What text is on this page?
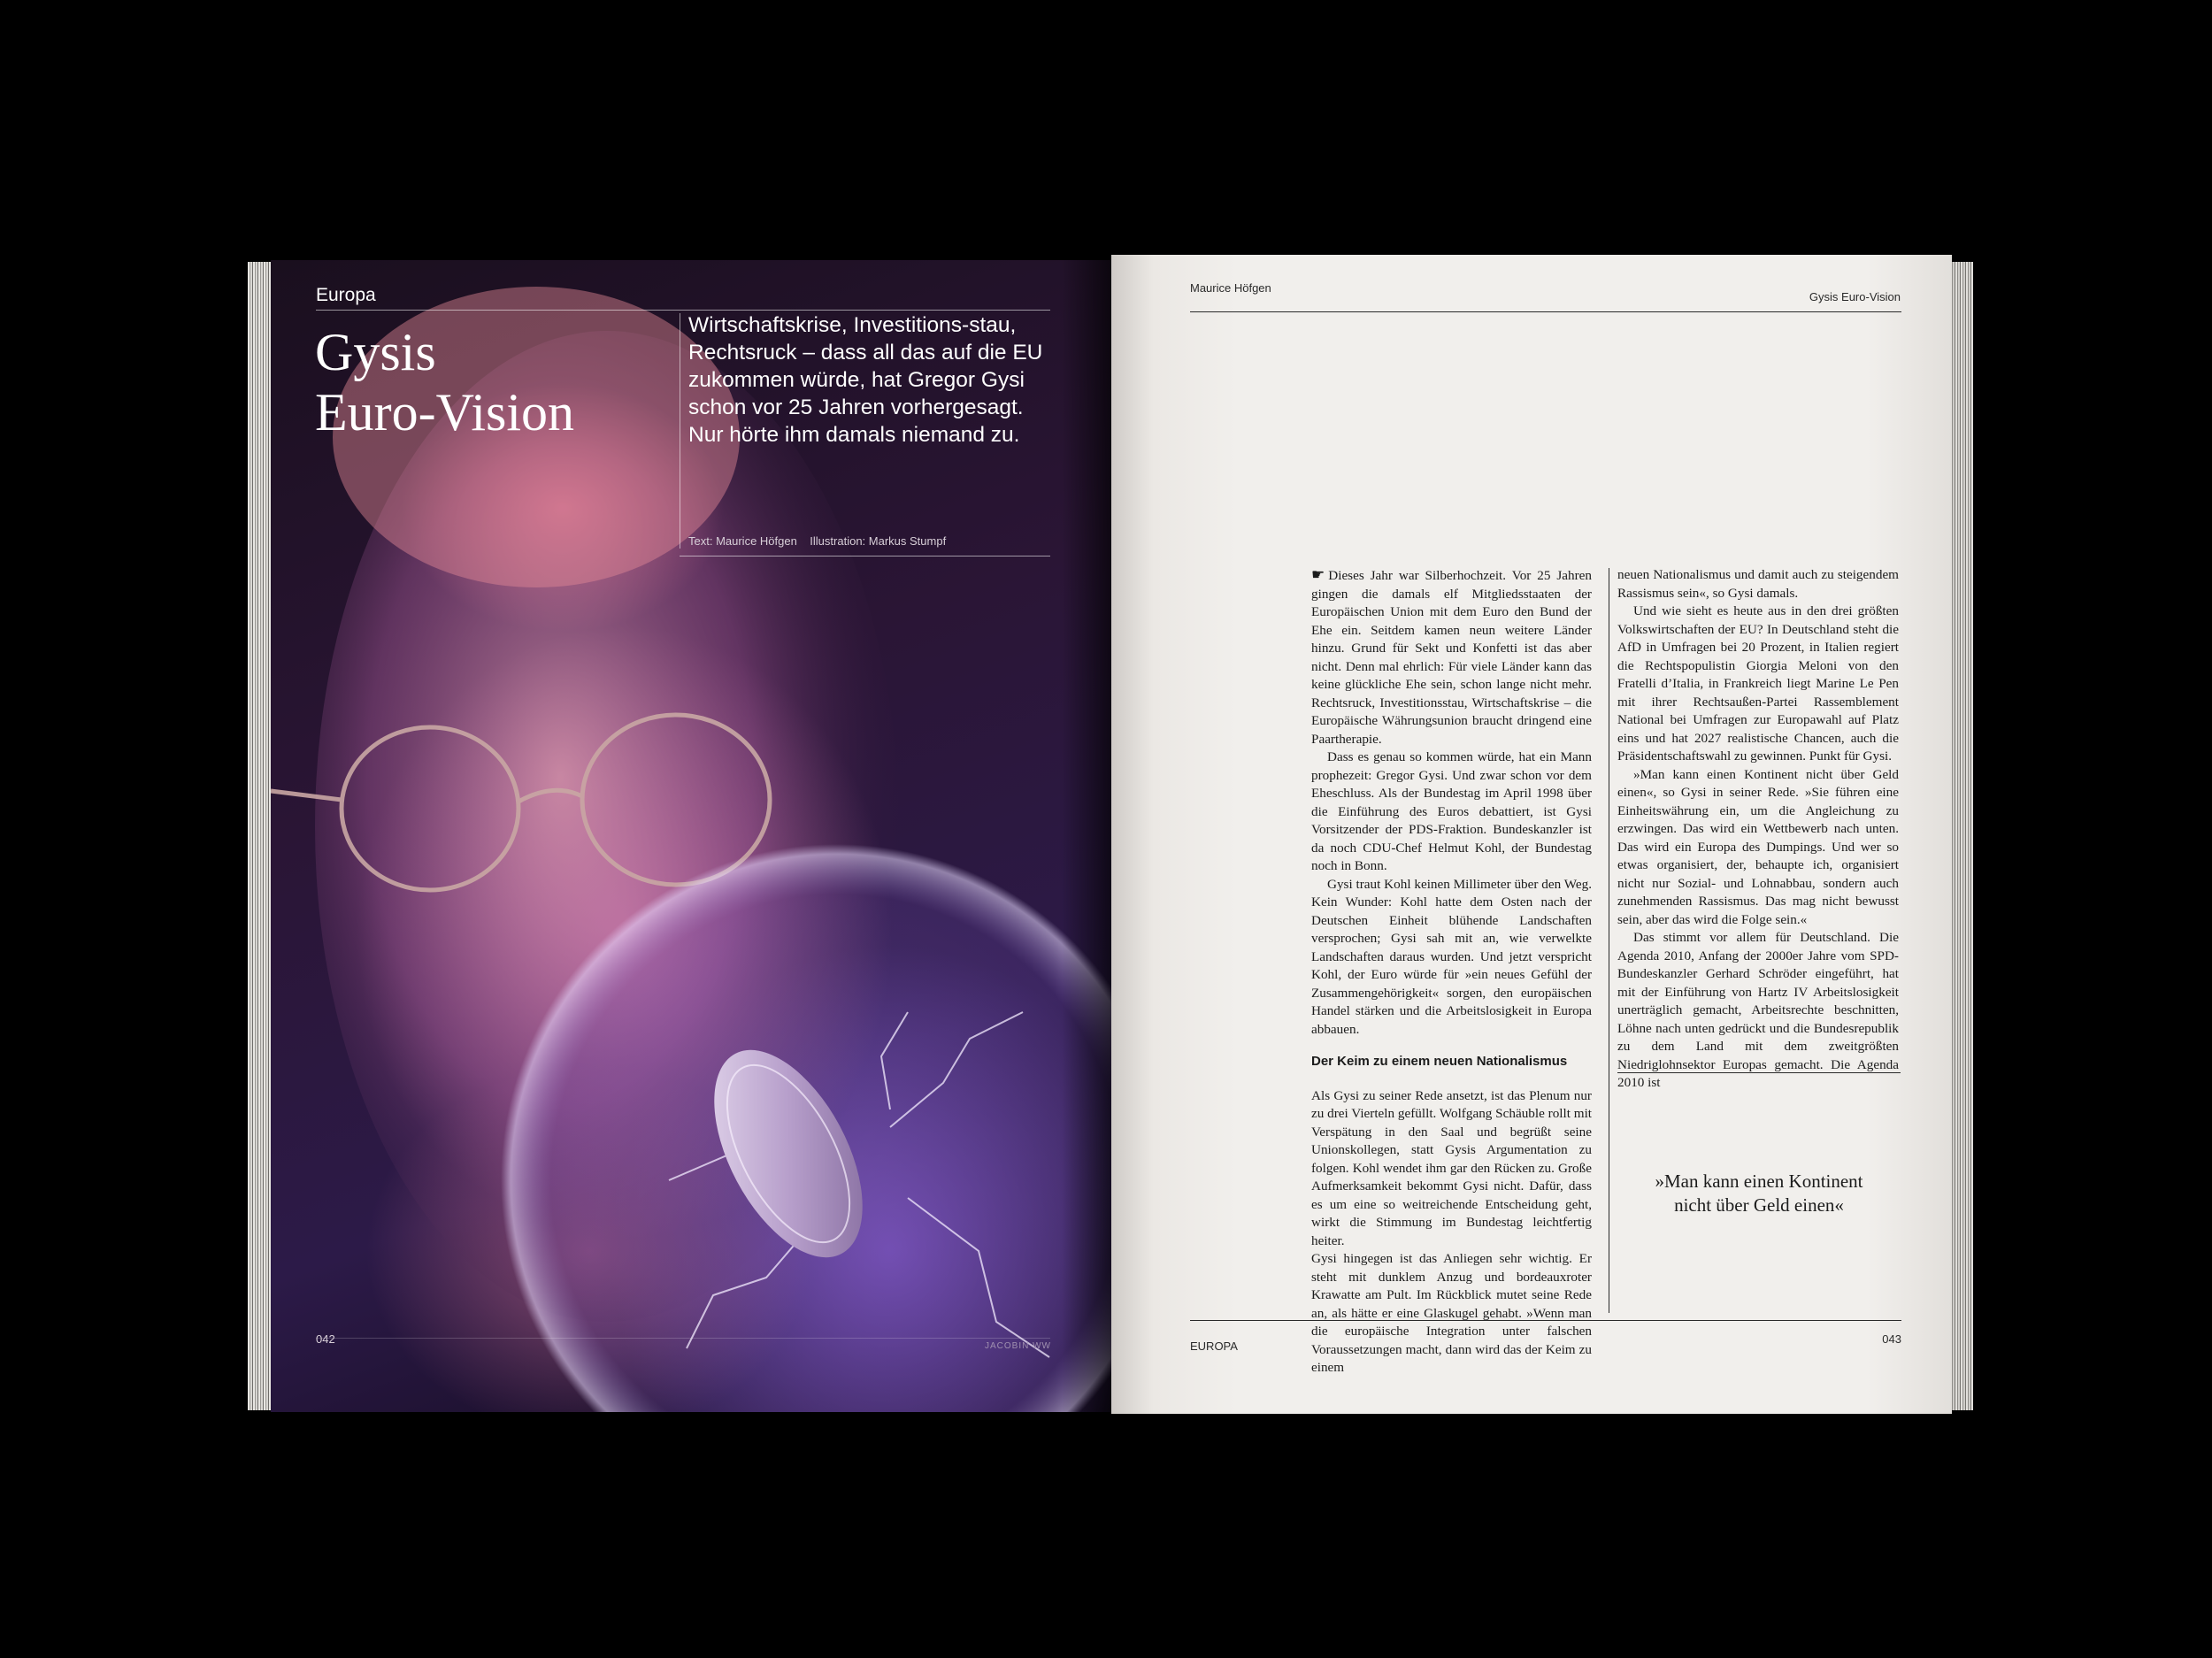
Europa
Gysis
Euro-Vision
Wirtschaftskrise, Investitions-stau, Rechtsruck – dass all das auf die EU zukommen würde, hat Gregor Gysi schon vor 25 Jahren vorhergesagt. Nur hörte ihm damals niemand zu.
Text: Maurice Höfgen Illustration: Markus Stumpf
042
JACOBIN WW
Maurice Höfgen
Gysis Euro-Vision

☛ Dieses Jahr war Silberhochzeit. Vor 25 Jahren gingen die damals elf Mitgliedsstaaten der Europäischen Union mit dem Euro den Bund der Ehe ein. Seitdem kamen neun weitere Länder hinzu. Grund für Sekt und Konfetti ist das aber nicht. Denn mal ehrlich: Für viele Länder kann das keine glückliche Ehe sein, schon lange nicht mehr. Rechtsruck, Investitionsstau, Wirtschaftskrise – die Europäische Währungsunion braucht dringend eine Paartherapie.

Dass es genau so kommen würde, hat ein Mann prophezeit: Gregor Gysi. Und zwar schon vor dem Eheschluss. Als der Bundestag im April 1998 über die Einführung des Euros debattiert, ist Gysi Vorsitzender der PDS-Fraktion. Bundeskanzler ist da noch CDU-Chef Helmut Kohl, der Bundestag noch in Bonn.

Gysi traut Kohl keinen Millimeter über den Weg. Kein Wunder: Kohl hatte dem Osten nach der Deutschen Einheit blühende Landschaften versprochen; Gysi sah mit an, wie verwelkte Landschaften daraus wurden. Und jetzt verspricht Kohl, der Euro würde für »ein neues Gefühl der Zusammengehörigkeit« sorgen, den europäischen Handel stärken und die Arbeitslosigkeit in Europa abbauen.

Der Keim zu einem neuen Nationalismus

Als Gysi zu seiner Rede ansetzt, ist das Plenum nur zu drei Vierteln gefüllt. Wolfgang Schäuble rollt mit Verspätung in den Saal und begrüßt seine Unionskollegen, statt Gysis Argumentation zu folgen. Kohl wendet ihm gar den Rücken zu. Große Aufmerksamkeit bekommt Gysi nicht. Dafür, dass es um eine so weitreichende Entscheidung geht, wirkt die Stimmung im Bundestag leichtfertig heiter.

Gysi hingegen ist das Anliegen sehr wichtig. Er steht mit dunklem Anzug und bordeauxroter Krawatte am Pult. Im Rückblick mutet seine Rede an, als hätte er eine Glaskugel gehabt. »Wenn man die europäische Integration unter falschen Voraussetzungen macht, dann wird das der Keim zu einem

neuen Nationalismus und damit auch zu steigendem Rassismus sein«, so Gysi damals.

Und wie sieht es heute aus in den drei größten Volkswirtschaften der EU? In Deutschland steht die AfD in Umfragen bei 20 Prozent, in Italien regiert die Rechtspopulistin Giorgia Meloni von den Fratelli d’Italia, in Frankreich liegt Marine Le Pen mit ihrer Rechtsaußen-Partei Rassemblement National bei Umfragen zur Europawahl auf Platz eins und hat 2027 realistische Chancen, auch die Präsidentschaftswahl zu gewinnen. Punkt für Gysi.

»Man kann einen Kontinent nicht über Geld einen«, so Gysi in seiner Rede. »Sie führen eine Einheitswährung ein, um die Angleichung zu erzwingen. Das wird ein Wettbewerb nach unten. Das wird ein Europa des Dumpings. Und wer so etwas organisiert, der, behaupte ich, organisiert nicht nur Sozial- und Lohnabbau, sondern auch zunehmenden Rassismus. Das mag nicht bewusst sein, aber das wird die Folge sein.«

Das stimmt vor allem für Deutschland. Die Agenda 2010, Anfang der 2000er Jahre vom SPD-Bundeskanzler Gerhard Schröder eingeführt, hat mit der Einführung von Hartz IV Arbeitslosigkeit unerträglich gemacht, Arbeitsrechte beschnitten, Löhne nach unten gedrückt und die Bundesrepublik zu dem Land mit dem zweitgrößten Niedriglohnsektor Europas gemacht. Die Agenda 2010 ist

»Man kann einen Kontinent
nicht über Geld einen«
EUROPA
043
